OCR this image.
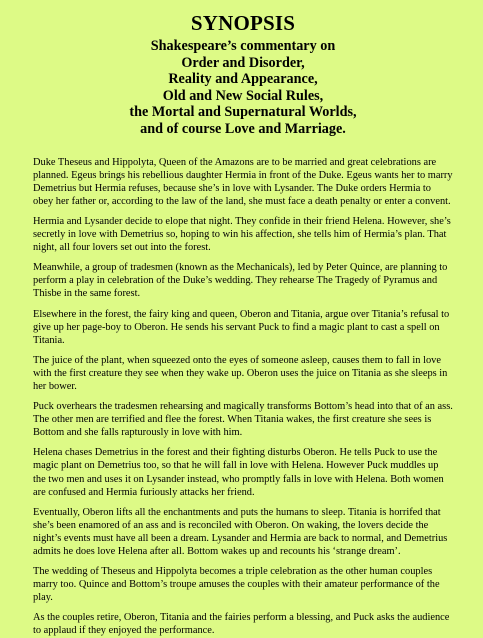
SYNOPSIS
Shakespeare’s commentary on
Order and Disorder,
Reality and Appearance,
Old and New Social Rules,
the Mortal and Supernatural Worlds,
and of course Love and Marriage.

Duke Theseus and Hippolyta, Queen of the Amazons are to be married and great celebrations are planned. Egeus brings his rebellious daughter Hermia in front of the Duke. Egeus wants her to marry Demetrius but Hermia refuses, because she’s in love with Lysander. The Duke orders Hermia to obey her father or, according to the law of the land, she must face a death penalty or enter a convent.

Hermia and Lysander decide to elope that night. They confide in their friend Helena. However, she’s secretly in love with Demetrius so, hoping to win his affection, she tells him of Hermia’s plan. That night, all four lovers set out into the forest.

Meanwhile, a group of tradesmen (known as the Mechanicals), led by Peter Quince, are planning to perform a play in celebration of the Duke’s wedding. They rehearse The Tragedy of Pyramus and Thisbe in the same forest.

Elsewhere in the forest, the fairy king and queen, Oberon and Titania, argue over Titania’s refusal to give up her page-boy to Oberon. He sends his servant Puck to find a magic plant to cast a spell on Titania.

The juice of the plant, when squeezed onto the eyes of someone asleep, causes them to fall in love with the first creature they see when they wake up. Oberon uses the juice on Titania as she sleeps in her bower.

Puck overhears the tradesmen rehearsing and magically transforms Bottom’s head into that of an ass. The other men are terrified and flee the forest. When Titania wakes, the first creature she sees is Bottom and she falls rapturously in love with him.

Helena chases Demetrius in the forest and their fighting disturbs Oberon. He tells Puck to use the magic plant on Demetrius too, so that he will fall in love with Helena. However Puck muddles up the two men and uses it on Lysander instead, who promptly falls in love with Helena. Both women are confused and Hermia furiously attacks her friend.

Eventually, Oberon lifts all the enchantments and puts the humans to sleep. Titania is horrifed that she’s been enamored of an ass and is reconciled with Oberon. On waking, the lovers decide the night’s events must have all been a dream. Lysander and Hermia are back to normal, and Demetrius admits he does love Helena after all. Bottom wakes up and recounts his ‘strange dream’.

The wedding of Theseus and Hippolyta becomes a triple celebration as the other human couples marry too. Quince and Bottom’s troupe amuses the couples with their amateur performance of the play.

As the couples retire, Oberon, Titania and the fairies perform a blessing, and Puck asks the audience to applaud if they enjoyed the performance.
